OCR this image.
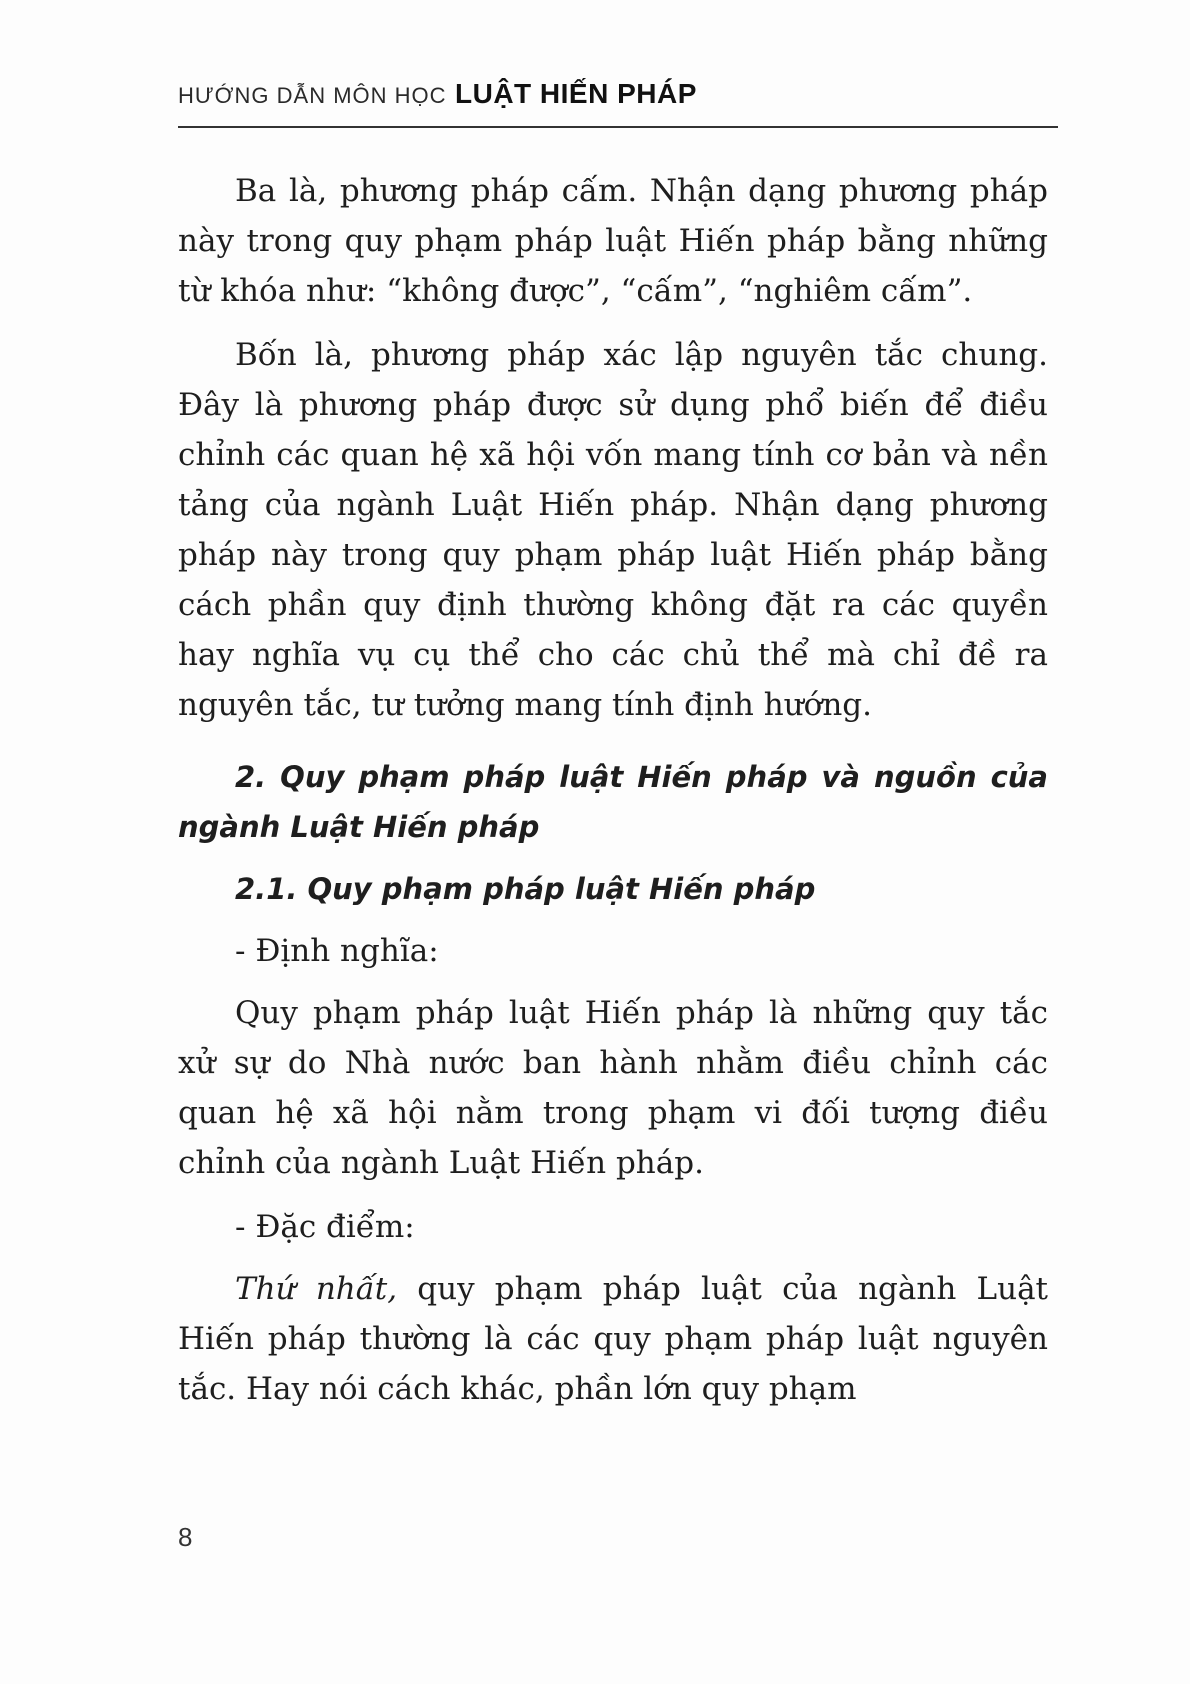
HƯỚNG DẪN MÔN HỌC LUẬT HIẾN PHÁP

Ba là, phương pháp cấm. Nhận dạng phương pháp này trong quy phạm pháp luật Hiến pháp bằng những từ khóa như: “không được”, “cấm”, “nghiêm cấm”.

Bốn là, phương pháp xác lập nguyên tắc chung. Đây là phương pháp được sử dụng phổ biến để điều chỉnh các quan hệ xã hội vốn mang tính cơ bản và nền tảng của ngành Luật Hiến pháp. Nhận dạng phương pháp này trong quy phạm pháp luật Hiến pháp bằng cách phần quy định thường không đặt ra các quyền hay nghĩa vụ cụ thể cho các chủ thể mà chỉ đề ra nguyên tắc, tư tưởng mang tính định hướng.

2. Quy phạm pháp luật Hiến pháp và nguồn của ngành Luật Hiến pháp

2.1. Quy phạm pháp luật Hiến pháp

- Định nghĩa:

Quy phạm pháp luật Hiến pháp là những quy tắc xử sự do Nhà nước ban hành nhằm điều chỉnh các quan hệ xã hội nằm trong phạm vi đối tượng điều chỉnh của ngành Luật Hiến pháp.

- Đặc điểm:

Thứ nhất, quy phạm pháp luật của ngành Luật Hiến pháp thường là các quy phạm pháp luật nguyên tắc. Hay nói cách khác, phần lớn quy phạm

8
